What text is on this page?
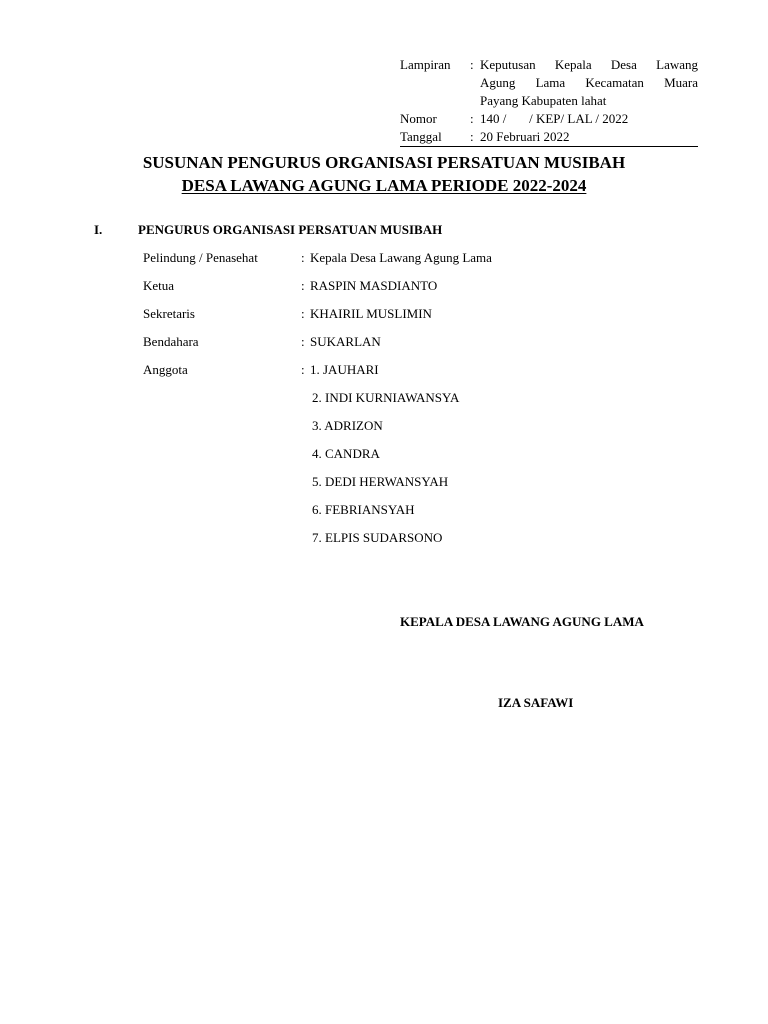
Lampiran	: Keputusan Kepala Desa Lawang
Agung Lama Kecamatan Muara
Payang Kabupaten lahat
Nomor	: 140 /       / KEP/ LAL / 2022
Tanggal	: 20 Februari 2022
SUSUNAN PENGURUS ORGANISASI PERSATUAN MUSIBAH
DESA LAWANG AGUNG LAMA PERIODE 2022-2024
I.	PENGURUS ORGANISASI PERSATUAN MUSIBAH
Pelindung / Penasehat	: Kepala Desa Lawang Agung Lama
Ketua	: RASPIN MASDIANTO
Sekretaris	: KHAIRIL MUSLIMIN
Bendahara	: SUKARLAN
Anggota	: 1. JAUHARI
2. INDI KURNIAWANSYA
3. ADRIZON
4. CANDRA
5. DEDI HERWANSYAH
6. FEBRIANSYAH
7. ELPIS SUDARSONO
KEPALA DESA LAWANG AGUNG LAMA
IZA SAFAWI
